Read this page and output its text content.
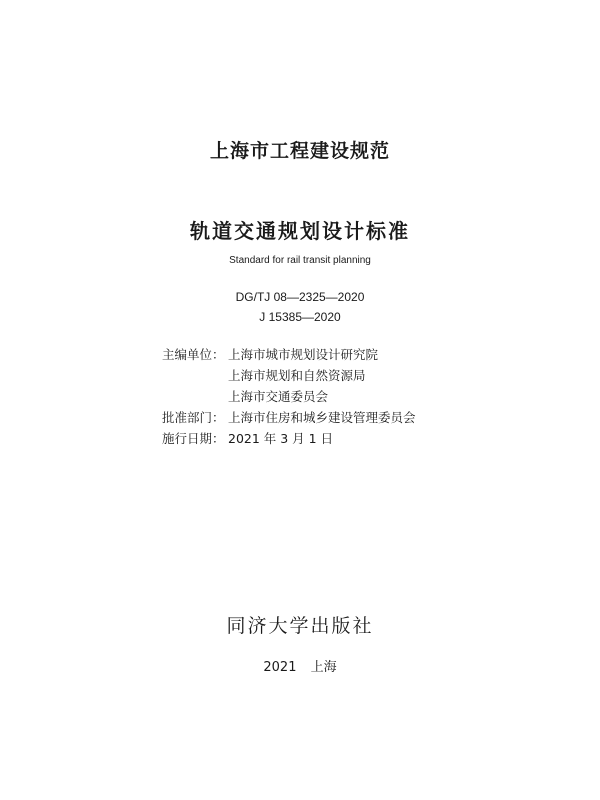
上海市工程建设规范
轨道交通规划设计标准
Standard for rail transit planning
DG/TJ 08—2325—2020
J 15385—2020
主编单位： 上海市城市规划设计研究院
上海市规划和自然资源局
上海市交通委员会
批准部门： 上海市住房和城乡建设管理委员会
施行日期： 2021 年 3 月 1 日
同济大学出版社
2021 上海
